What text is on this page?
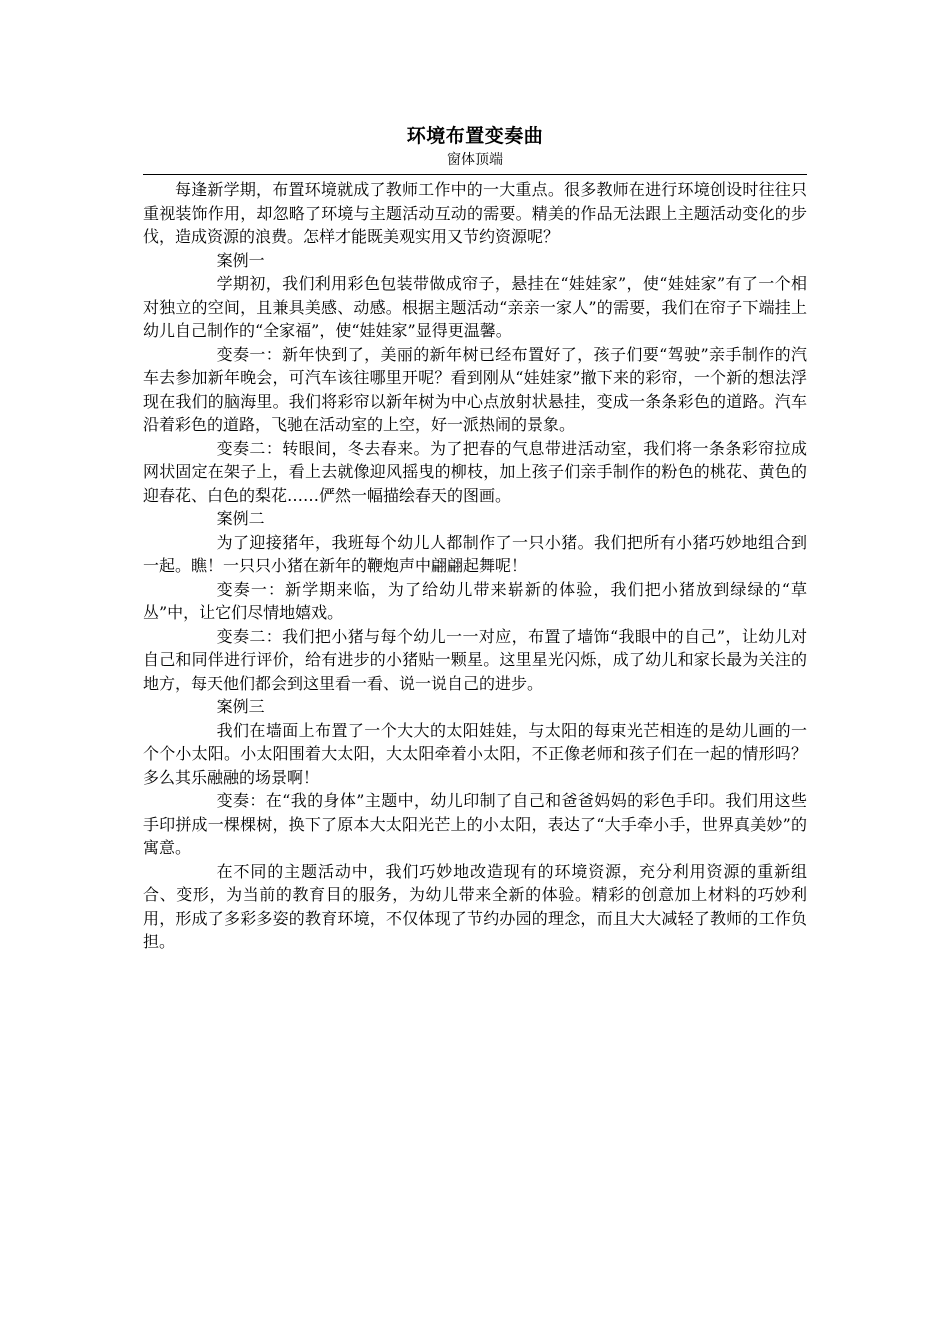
环境布置变奏曲
窗体顶端

每逢新学期，布置环境就成了教师工作中的一大重点。很多教师在进行环境创设时往往只重视装饰作用，却忽略了环境与主题活动互动的需要。精美的作品无法跟上主题活动变化的步伐，造成资源的浪费。怎样才能既美观实用又节约资源呢？

案例一

学期初，我们利用彩色包装带做成帘子，悬挂在“娃娃家”，使“娃娃家”有了一个相对独立的空间，且兼具美感、动感。根据主题活动“亲亲一家人”的需要，我们在帘子下端挂上幼儿自己制作的“全家福”，使“娃娃家”显得更温馨。

变奏一：新年快到了，美丽的新年树已经布置好了，孩子们要“驾驶”亲手制作的汽车去参加新年晚会，可汽车该往哪里开呢？看到刚从“娃娃家”撤下来的彩帘，一个新的想法浮现在我们的脑海里。我们将彩帘以新年树为中心点放射状悬挂，变成一条条彩色的道路。汽车沿着彩色的道路，飞驰在活动室的上空，好一派热闹的景象。

变奏二：转眼间，冬去春来。为了把春的气息带进活动室，我们将一条条彩帘拉成网状固定在架子上，看上去就像迎风摇曳的柳枝，加上孩子们亲手制作的粉色的桃花、黄色的迎春花、白色的梨花……俨然一幅描绘春天的图画。

案例二

为了迎接猪年，我班每个幼儿人都制作了一只小猪。我们把所有小猪巧妙地组合到一起。瞧！一只只小猪在新年的鞭炮声中翩翩起舞呢！

变奏一：新学期来临，为了给幼儿带来崭新的体验，我们把小猪放到绿绿的“草丛”中，让它们尽情地嬉戏。

变奏二：我们把小猪与每个幼儿一一对应，布置了墙饰“我眼中的自己”，让幼儿对自己和同伴进行评价，给有进步的小猪贴一颗星。这里星光闪烁，成了幼儿和家长最为关注的地方，每天他们都会到这里看一看、说一说自己的进步。

案例三

我们在墙面上布置了一个大大的太阳娃娃，与太阳的每束光芒相连的是幼儿画的一个个小太阳。小太阳围着大太阳，大太阳牵着小太阳，不正像老师和孩子们在一起的情形吗？多么其乐融融的场景啊！

变奏：在“我的身体”主题中，幼儿印制了自己和爸爸妈妈的彩色手印。我们用这些手印拼成一棵棵树，换下了原本大太阳光芒上的小太阳，表达了“大手牵小手，世界真美妙”的寓意。

在不同的主题活动中，我们巧妙地改造现有的环境资源，充分利用资源的重新组合、变形，为当前的教育目的服务，为幼儿带来全新的体验。精彩的创意加上材料的巧妙利用，形成了多彩多姿的教育环境，不仅体现了节约办园的理念，而且大大减轻了教师的工作负担。
